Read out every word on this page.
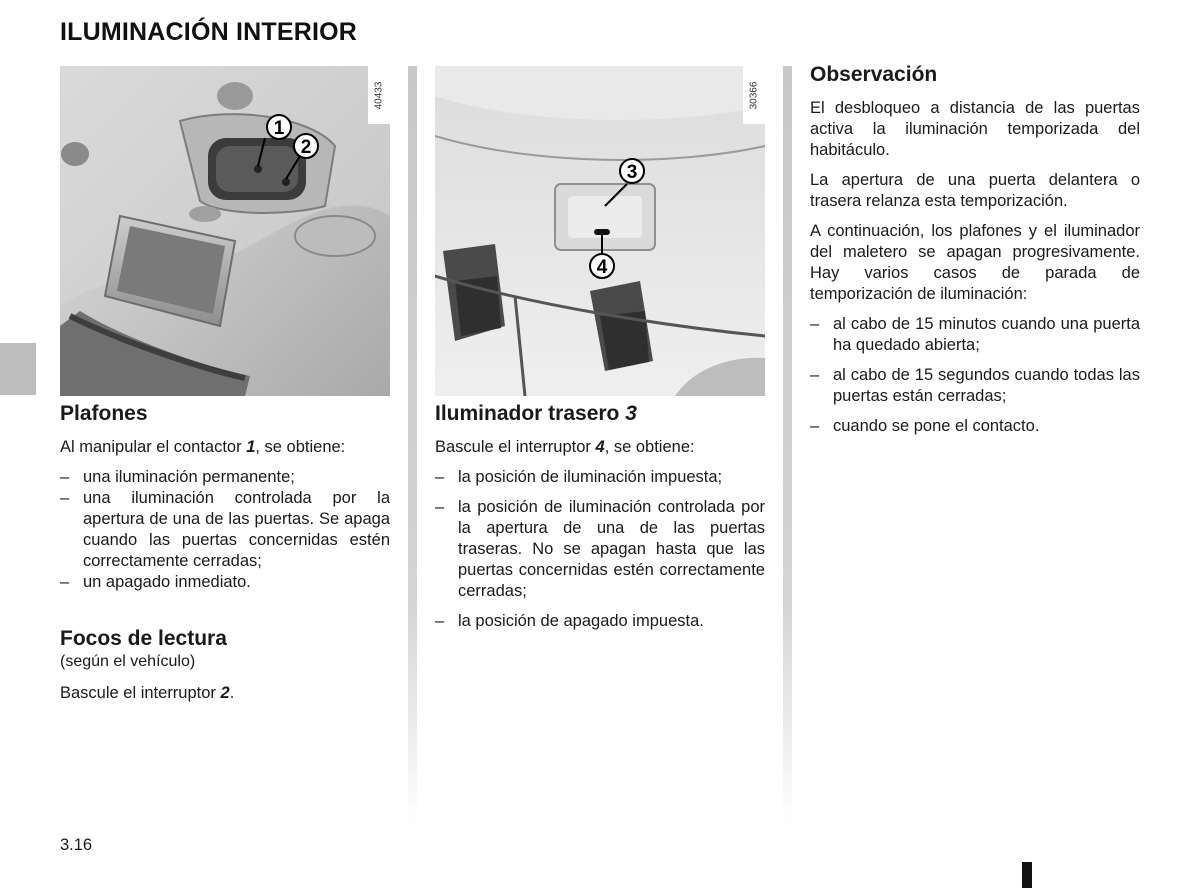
ILUMINACIÓN INTERIOR
1
2
40433
3
4
30366
Plafones

Al manipular el contactor 1, se obtiene:

– una iluminación permanente;
– una iluminación controlada por la apertura de una de las puertas. Se apaga cuando las puertas concernidas estén correctamente cerradas;
– un apagado inmediato.
Focos de lectura
(según el vehículo)

Bascule el interruptor 2.

Iluminador trasero 3

Bascule el interruptor 4, se obtiene:

– la posición de iluminación impuesta;
– la posición de iluminación controlada por la apertura de una de las puertas traseras. No se apagan hasta que las puertas concernidas estén correctamente cerradas;
– la posición de apagado impuesta.
Observación

El desbloqueo a distancia de las puertas activa la iluminación temporizada del habitáculo.

La apertura de una puerta delantera o trasera relanza esta temporización.

A continuación, los plafones y el iluminador del maletero se apagan progresivamente. Hay varios casos de parada de temporización de iluminación:

– al cabo de 15 minutos cuando una puerta ha quedado abierta;
– al cabo de 15 segundos cuando todas las puertas están cerradas;
– cuando se pone el contacto.
3.16
